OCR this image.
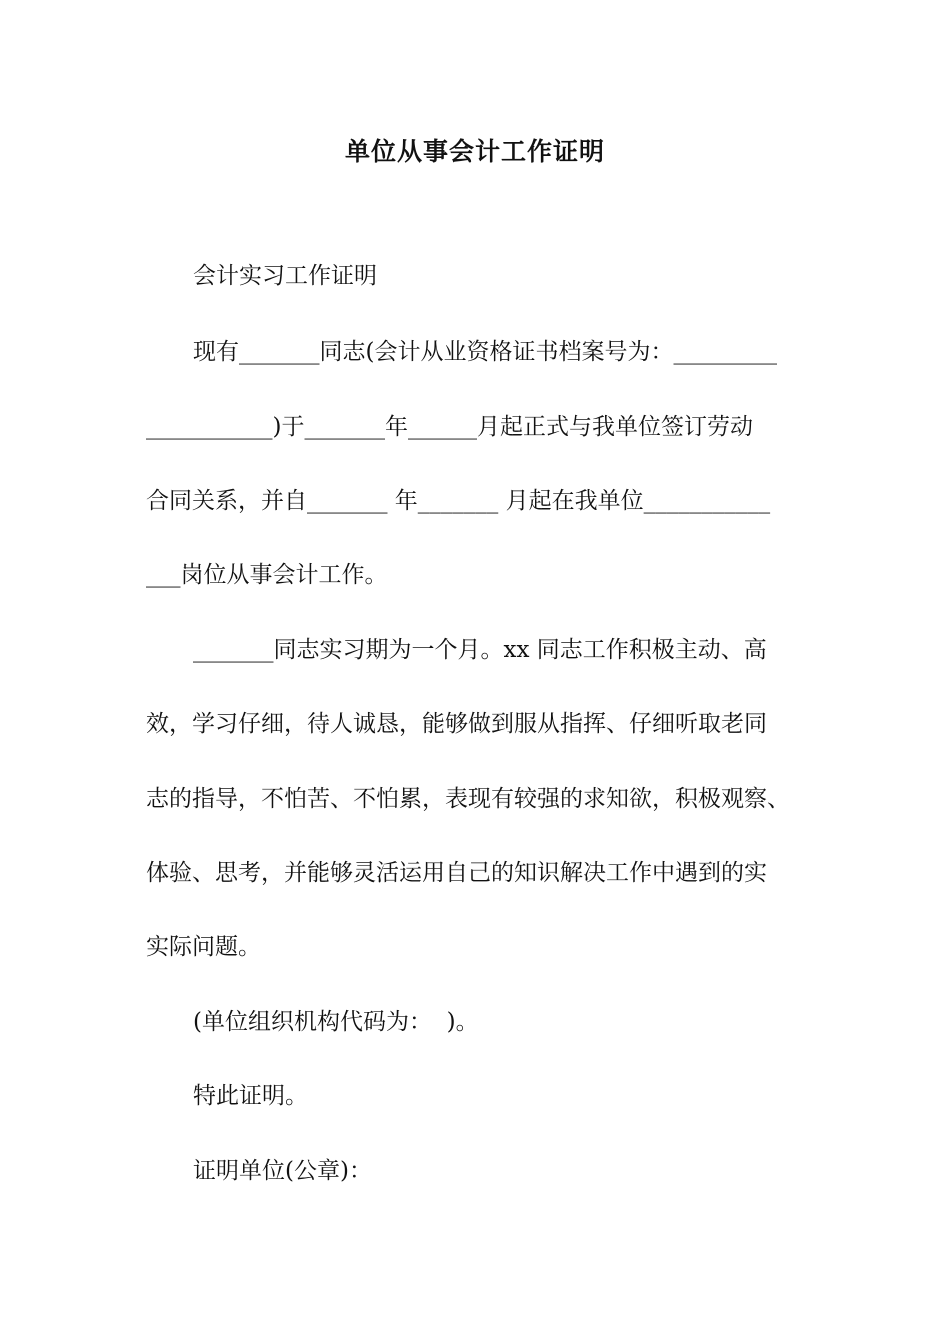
单位从事会计工作证明
会计实习工作证明
现有_______同志(会计从业资格证书档案号为：_________
___________)于_______年______月起正式与我单位签订劳动
合同关系，并自_______ 年_______ 月起在我单位___________
___岗位从事会计工作。
_______同志实习期为一个月。xx 同志工作积极主动、高
效，学习仔细，待人诚恳，能够做到服从指挥、仔细听取老同
志的指导，不怕苦、不怕累，表现有较强的求知欲，积极观察、
体验、思考，并能够灵活运用自己的知识解决工作中遇到的实
实际问题。
(单位组织机构代码为：  )。
特此证明。
证明单位(公章)：
